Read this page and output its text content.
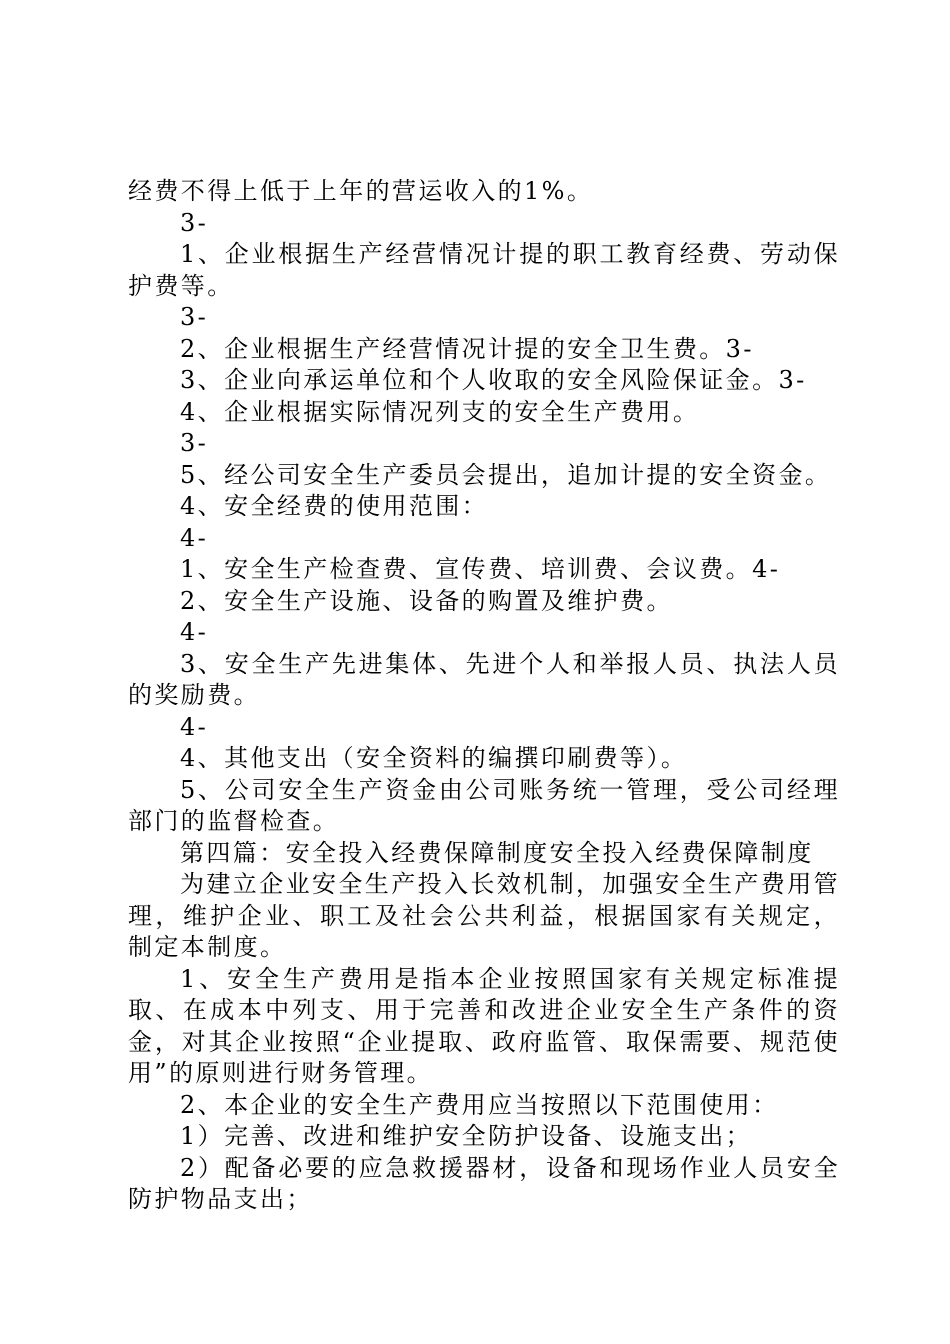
经费不得上低于上年的营运收入的1%。

3-

1、企业根据生产经营情况计提的职工教育经费、劳动保护费等。

3-

2、企业根据生产经营情况计提的安全卫生费。3-

3、企业向承运单位和个人收取的安全风险保证金。3-

4、企业根据实际情况列支的安全生产费用。

3-

5、经公司安全生产委员会提出，追加计提的安全资金。

4、安全经费的使用范围：

4-

1、安全生产检查费、宣传费、培训费、会议费。4-

2、安全生产设施、设备的购置及维护费。

4-

3、安全生产先进集体、先进个人和举报人员、执法人员的奖励费。

4-

4、其他支出（安全资料的编撰印刷费等）。

5、公司安全生产资金由公司账务统一管理，受公司经理部门的监督检查。

第四篇：安全投入经费保障制度安全投入经费保障制度

为建立企业安全生产投入长效机制，加强安全生产费用管理，维护企业、职工及社会公共利益，根据国家有关规定，制定本制度。

1、安全生产费用是指本企业按照国家有关规定标准提取、在成本中列支、用于完善和改进企业安全生产条件的资金，对其企业按照“企业提取、政府监管、取保需要、规范使用”的原则进行财务管理。

2、本企业的安全生产费用应当按照以下范围使用：

1）完善、改进和维护安全防护设备、设施支出；

2）配备必要的应急救援器材，设备和现场作业人员安全防护物品支出；
